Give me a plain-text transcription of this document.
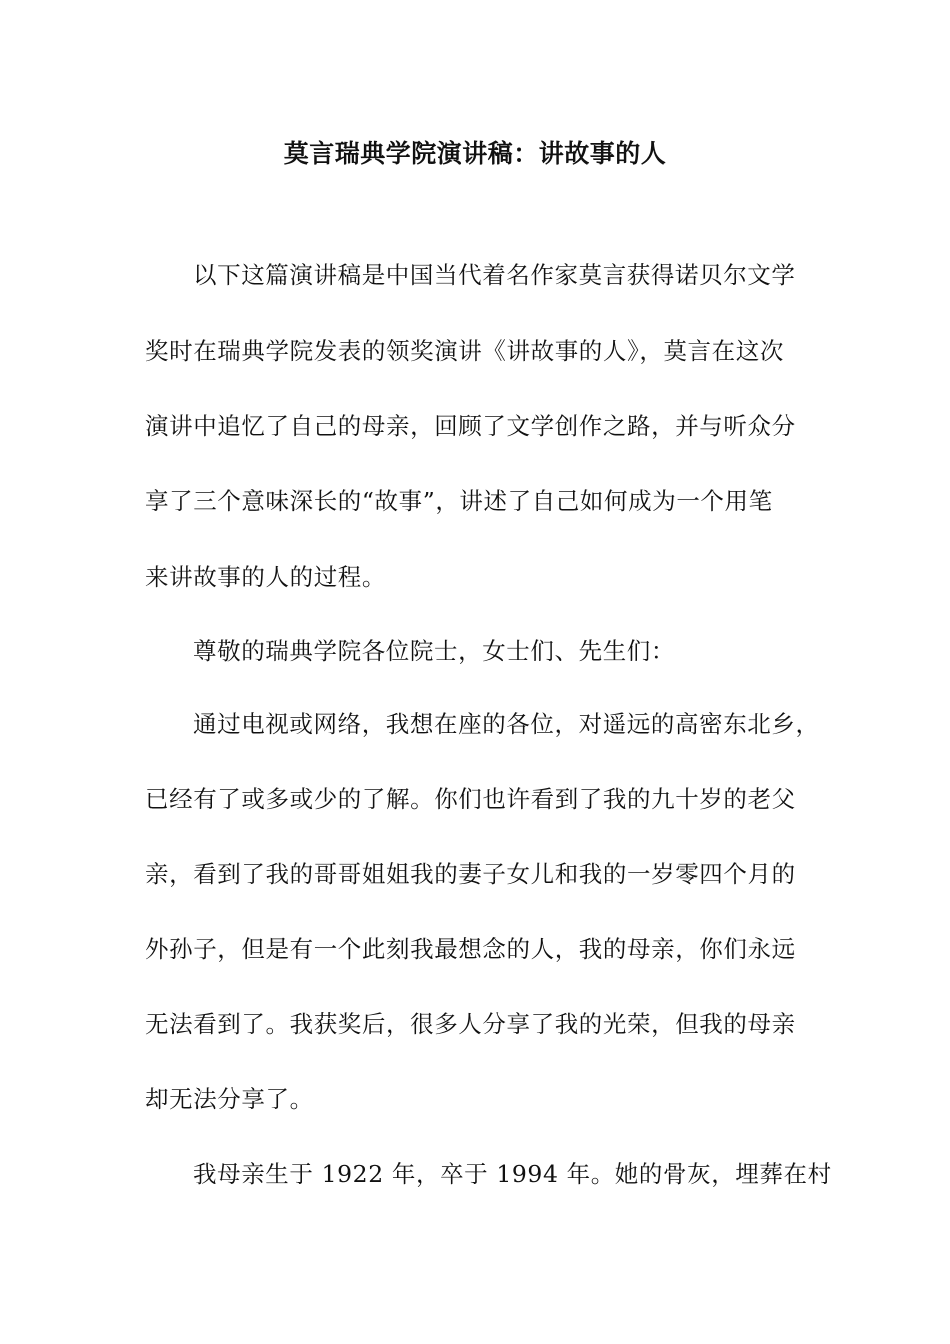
莫言瑞典学院演讲稿：讲故事的人

以下这篇演讲稿是中国当代着名作家莫言获得诺贝尔文学

奖时在瑞典学院发表的领奖演讲《讲故事的人》，莫言在这次

演讲中追忆了自己的母亲，回顾了文学创作之路，并与听众分

享了三个意味深长的“故事”，讲述了自己如何成为一个用笔

来讲故事的人的过程。

尊敬的瑞典学院各位院士，女士们、先生们：

通过电视或网络，我想在座的各位，对遥远的高密东北乡，

已经有了或多或少的了解。你们也许看到了我的九十岁的老父

亲，看到了我的哥哥姐姐我的妻子女儿和我的一岁零四个月的

外孙子，但是有一个此刻我最想念的人，我的母亲，你们永远

无法看到了。我获奖后，很多人分享了我的光荣，但我的母亲

却无法分享了。

我母亲生于 1922 年，卒于 1994 年。她的骨灰，埋葬在村
